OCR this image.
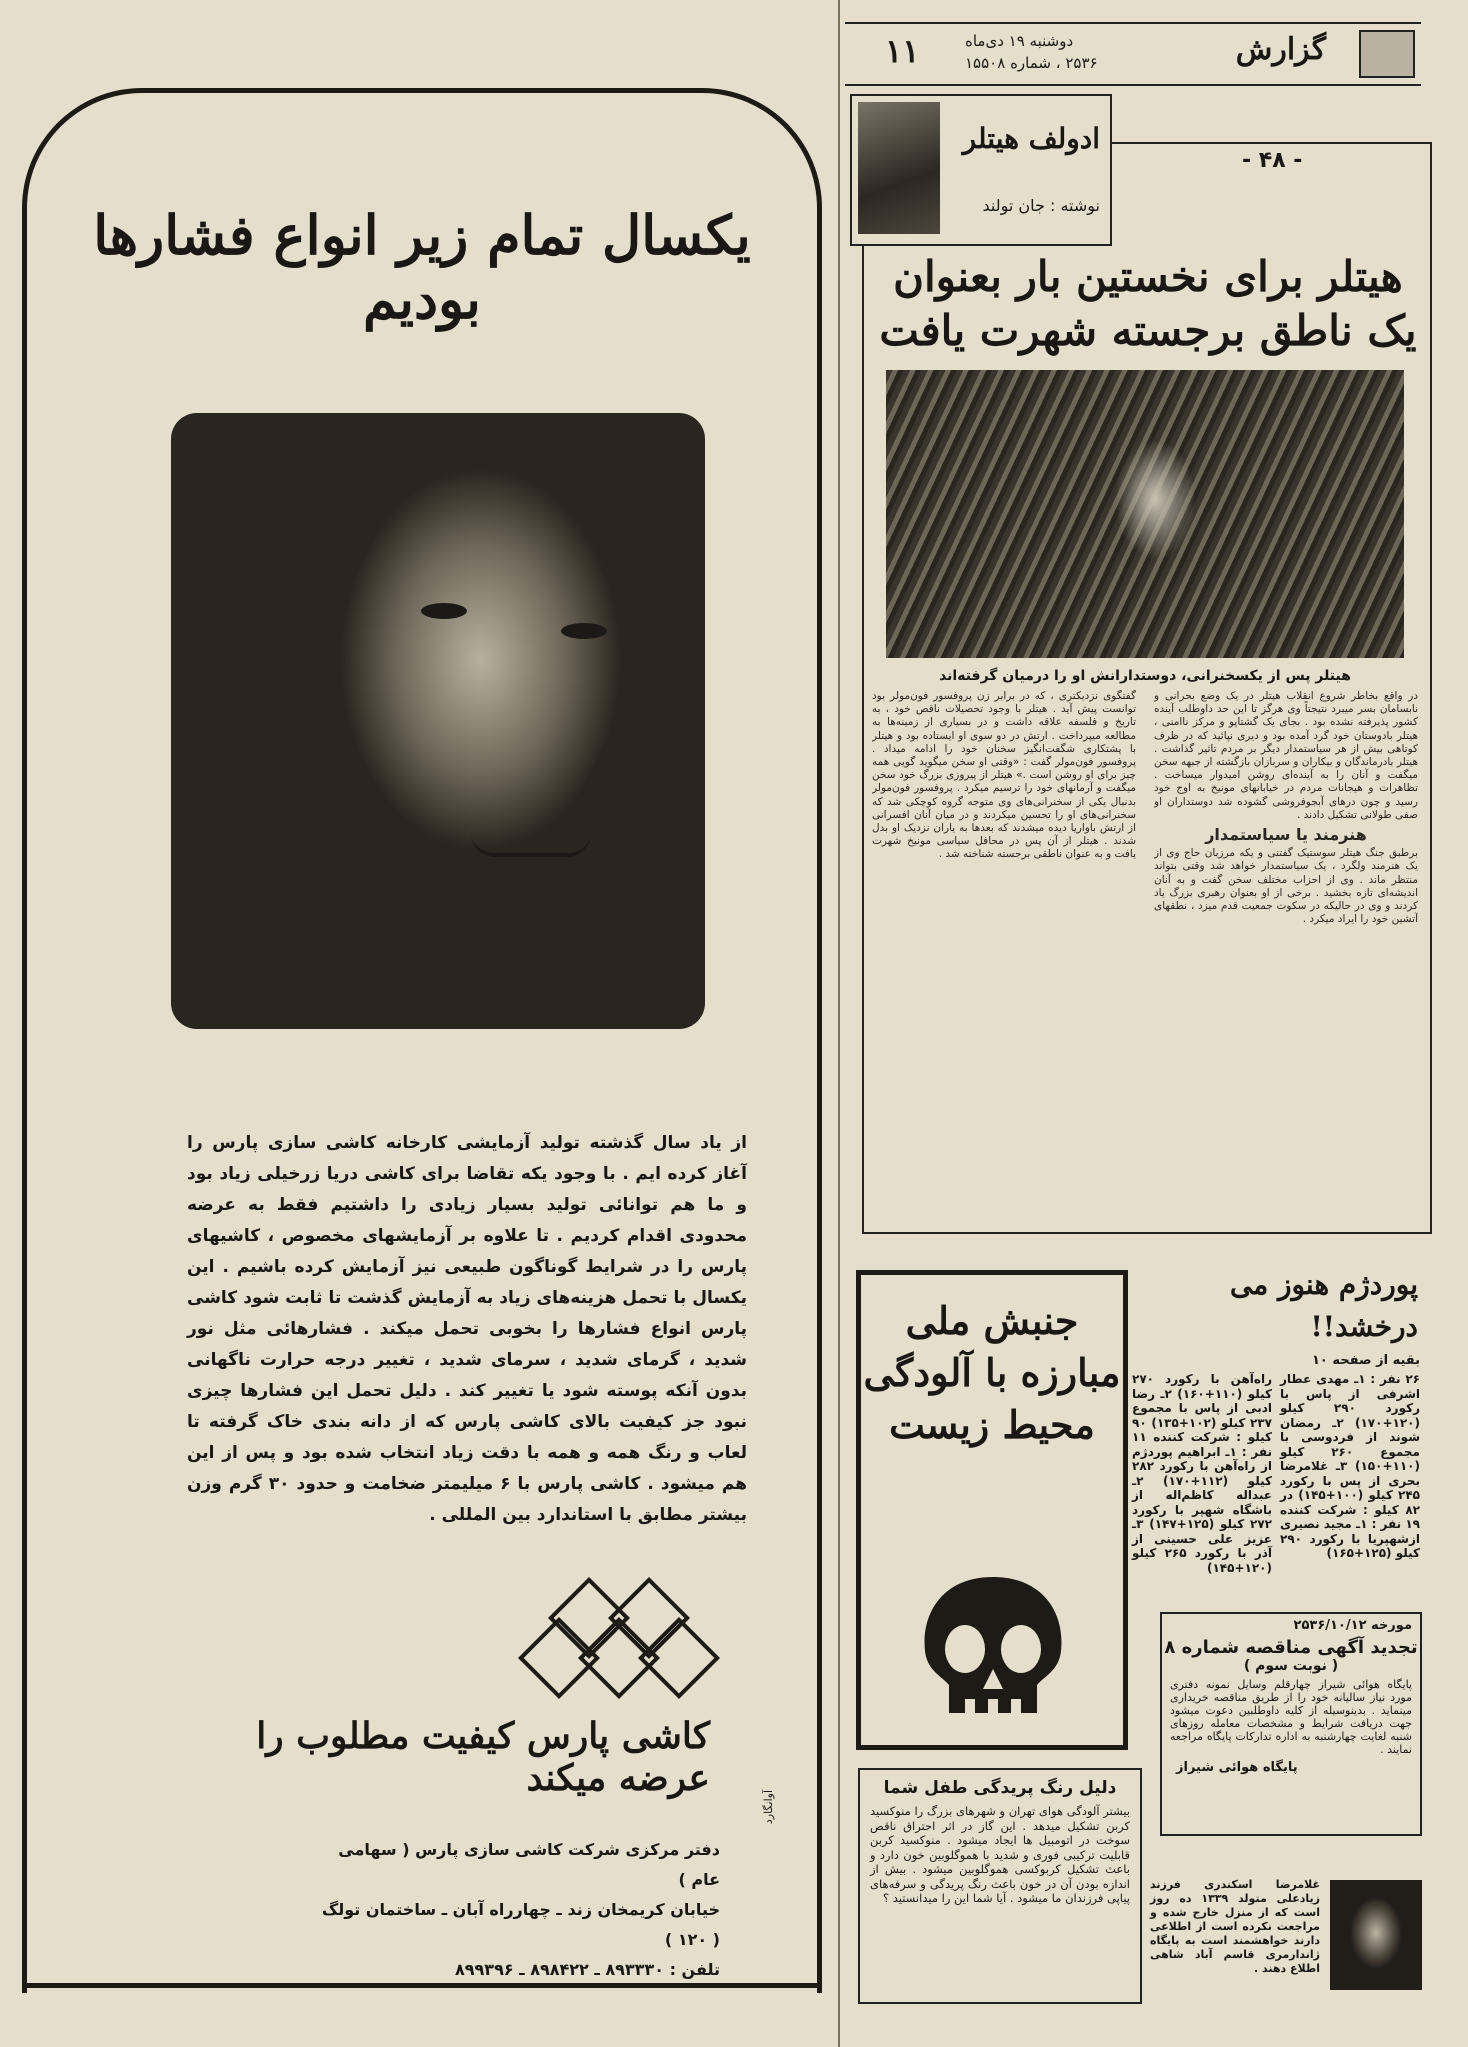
گزارش
دوشنبه ۱۹ دی‌ماه
۲۵۳۶ ، شماره ۱۵۵۰۸
۱۱
ادولف هیتلر
نوشته : جان تولند
- ۴۸ -
هیتلر برای نخستین بار بعنوان یک ناطق برجسته شهرت یافت
هیتلر پس از یکسخنرانی، دوستدارانش او را درمیان گرفته‌اند
در واقع بخاطر شروع انقلاب هیتلر در یک وضع بحرانی و نابسامان بسر میبرد نتیجتاً وی هرگز تا این حد داوطلب آینده کشور پذیرفته نشده بود . بجای یک گشتاپو و مرکز ناامنی ، هیتلر بادوستان خود گرد آمده بود و دیری نپائید که در ظرف کوتاهی بیش از هر سیاستمدار دیگر بر مردم تاثیر گذاشت . هیتلر بادرماندگان و بیکاران و سربازان بازگشته از جبهه سخن میگفت و آنان را به آینده‌ای روشن امیدوار میساخت . تظاهرات و هیجانات مردم در خیابانهای مونیخ به اوج خود رسید و چون درهای آبجوفروشی گشوده شد دوستداران او صفی طولانی تشکیل دادند .
هنرمند یا سیاستمدار
برطبق جنگ هیتلر سوستیک گفتنی و یکه مرزبان حاج وی از یک هنرمند ولگرد ، یک سیاستمدار خواهد شد وقتی بتواند منتظر ماند . وی از احزاب مختلف سخن گفت و به آنان اندیشه‌ای تازه بخشید . برخی از او بعنوان رهبری بزرگ یاد کردند و وی در حالیکه در سکوت جمعیت قدم میزد ، نطقهای آتشین خود را ایراد میکرد .
گفتگوی نزدیکتری ، که در برابر زن پروفسور فون‌مولر بود توانست پیش آید . هیتلر با وجود تحصیلات ناقص خود ، به تاریخ و فلسفه علاقه داشت و در بسیاری از زمینه‌ها به مطالعه میپرداخت . ارتش در دو سوی او ایستاده بود و هیتلر با پشتکاری شگفت‌انگیز سخنان خود را ادامه میداد . پروفسور فون‌مولر گفت : «وقتی او سخن میگوید گویی همه چیز برای او روشن است .» هیتلر از پیروزی بزرگ خود سخن میگفت و آرمانهای خود را ترسیم میکرد . پروفسور فون‌مولر بدنبال یکی از سخنرانی‌های وی متوجه گروه کوچکی شد که سخنرانی‌های او را تحسین میکردند و در میان آنان افسرانی از ارتش باواریا دیده میشدند که بعدها به یاران نزدیک او بدل شدند . هیتلر از آن پس در محافل سیاسی مونیخ شهرت یافت و به عنوان ناطقی برجسته شناخته شد .
یکسال تمام زیر انواع فشارها بودیم
از یاد سال گذشته تولید آزمایشی کارخانه کاشی سازی پارس را آغاز کرده ایم . با وجود یکه تقاضا برای کاشی دریا زرخیلی زیاد بود و ما هم توانائی تولید بسیار زیادی را داشتیم فقط به عرضه محدودی اقدام کردیم . تا علاوه بر آزمایشهای مخصوص ، کاشیهای پارس را در شرایط گوناگون طبیعی نیز آزمایش کرده باشیم . این یکسال با تحمل هزینه‌های زیاد به آزمایش گذشت تا ثابت شود کاشی پارس انواع فشارها را بخوبی تحمل میکند . فشارهائی مثل نور شدید ، گرمای شدید ، سرمای شدید ، تغییر درجه حرارت ناگهانی بدون آنکه پوسته شود یا تغییر کند . دلیل تحمل این فشارها چیزی نبود جز کیفیت بالای کاشی پارس که از دانه بندی خاک گرفته تا لعاب و رنگ همه و همه با دقت زیاد انتخاب شده بود و پس از این هم میشود . کاشی پارس با ۶ میلیمتر ضخامت و حدود ۳۰ گرم وزن بیشتر مطابق با استاندارد بین المللی .
کاشی پارس کیفیت مطلوب را عرضه میکند
دفتر مرکزی شرکت کاشی سازی پارس ( سهامی عام )
خیابان کریمخان زند ـ چهارراه آبان ـ ساختمان تولگ ( ۱۲۰ )
تلفن : ۸۹۳۳۳۰ ـ ۸۹۸۴۲۲ ـ ۸۹۹۳۹۶
آوانگارد
جنبش ملی مبارزه با آلودگی محیط زیست
پوردژم هنوز می درخشد!!
بقیه از صفحه ۱۰
۲۶ نفر : ۱ـ مهدی عطار اشرفی از پاس با رکورد ۲۹۰ کیلو (۱۲۰+۱۷۰) ۲ـ رمضان شوند از فردوسی با مجموع ۲۶۰ کیلو (۱۱۰+۱۵۰) ۳ـ غلامرضا بحری از پس با رکورد ۲۴۵ کیلو (۱۰۰+۱۴۵) در ۸۲ کیلو : شرکت کننده ۱۹ نفر : ۱ـ مجید نصیری ازشهپریا با رکورد ۲۹۰ کیلو (۱۲۵+۱۶۵)
راه‌آهن با رکورد ۲۷۰ کیلو (۱۱۰+۱۶۰) ۲ـ رضا ادبی از پاس با مجموع ۲۳۷ کیلو (۱۰۲+۱۳۵) ۹۰ کیلو : شرکت کننده ۱۱ نفر : ۱ـ ابراهیم پوردژم از راه‌آهن با رکورد ۲۸۲ کیلو (۱۱۲+۱۷۰) ۲ـ عبداله کاظم‌اله از باشگاه شهپر با رکورد ۲۷۲ کیلو (۱۲۵+۱۴۷) ۳ـ عزیز علی حسینی از آذر با رکورد ۲۶۵ کیلو (۱۲۰+۱۴۵)
مورخه ۲۵۳۶/۱۰/۱۲
تجدید آگهی مناقصه شماره ۸
( نوبت سوم )
پایگاه هوائی شیراز چهارقلم وسایل نمونه دفتری مورد نیاز سالیانه خود را از طریق مناقصه خریداری مینماید . بدینوسیله از کلیه داوطلبین دعوت میشود جهت دریافت شرایط و مشخصات معامله روزهای شنبه لغایت چهارشنبه به اداره تدارکات پایگاه مراجعه نمایند .
پایگاه هوائی شیراز
دلیل رنگ پریدگی طفل شما
بیشتر آلودگی هوای تهران و شهرهای بزرگ را منوکسید کربن تشکیل میدهد . این گاز در اثر احتراق ناقص سوخت در اتومبیل ها ایجاد میشود . منوکسید کربن قابلیت ترکیبی فوری و شدید با هموگلوبین خون دارد و باعث تشکیل کربوکسی هموگلوبین میشود . بیش از اندازه بودن آن در خون باعث رنگ پریدگی و سرفه‌های پیاپی فرزندان ما میشود . آیا شما این را میدانستید ؟
غلامرضا اسکندری فرزند زیادعلی متولد ۱۳۳۹ ده روز است که از منزل خارج شده و مراجعت نکرده است از اطلاعی دارند خواهشمند است به پایگاه ژاندارمری قاسم آباد شاهی اطلاع دهند .
